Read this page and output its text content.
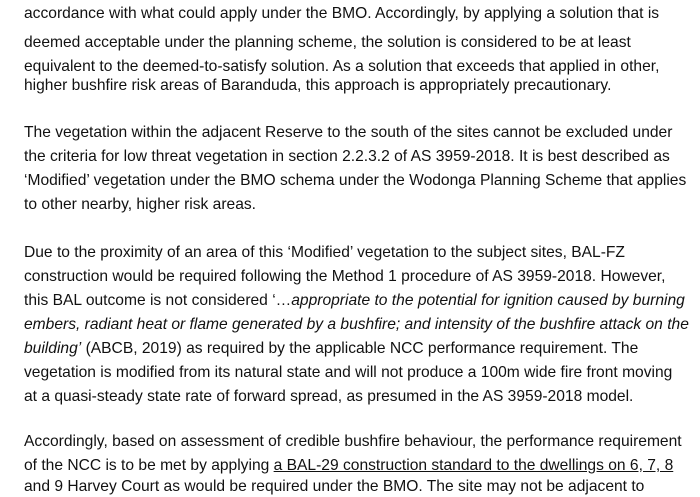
accordance with what could apply under the BMO. Accordingly, by applying a solution that is
deemed acceptable under the planning scheme, the solution is considered to be at least
equivalent to the deemed-to-satisfy solution. As a solution that exceeds that applied in other,
higher bushfire risk areas of Baranduda, this approach is appropriately precautionary.
The vegetation within the adjacent Reserve to the south of the sites cannot be excluded under
the criteria for low threat vegetation in section 2.2.3.2 of AS 3959-2018. It is best described as
‘Modified’ vegetation under the BMO schema under the Wodonga Planning Scheme that applies
to other nearby, higher risk areas.
Due to the proximity of an area of this ‘Modified’ vegetation to the subject sites, BAL-FZ
construction would be required following the Method 1 procedure of AS 3959-2018. However,
this BAL outcome is not considered ‘…appropriate to the potential for ignition caused by burning
embers, radiant heat or flame generated by a bushfire; and intensity of the bushfire attack on the
building’ (ABCB, 2019) as required by the applicable NCC performance requirement. The
vegetation is modified from its natural state and will not produce a 100m wide fire front moving
at a quasi-steady state rate of forward spread, as presumed in the AS 3959-2018 model.
Accordingly, based on assessment of credible bushfire behaviour, the performance requirement
of the NCC is to be met by applying a BAL-29 construction standard to the dwellings on 6, 7, 8
and 9 Harvey Court as would be required under the BMO. The site may not be adjacent to
